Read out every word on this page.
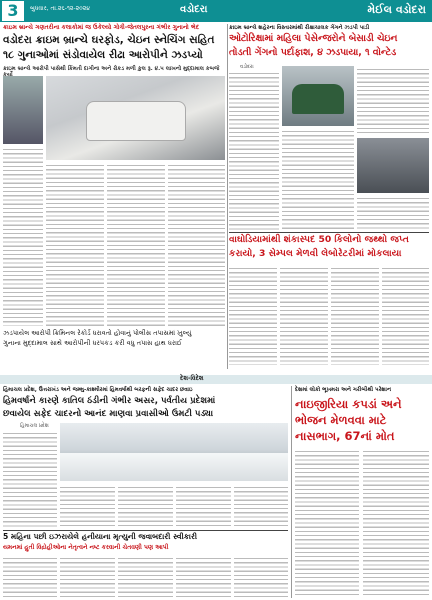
3	બુધવાર, તા.૨૬-૧૨-૨૦૨૪	વડોદરા	મેઈલ વડોદરા
ક્રાઇમ બ્રાન્ચે ગણતરીના કલાકોમાં જ ઉકેલ્યો ગોત્રી-જેતલપુરના ગંભીર ગુનાનો ભેદ
વડોદરા ક્રાઇમ બ્રાન્ચે ઘરફોડ, ચેઇન સ્નેચિંગ સહિત
૧૮ ગુનાઓમાં સંડોવાયેલ રીઢા આરોપીને ઝડપ્યો
ક્રાઇમ બ્રાન્ચે આરોપી પાસેથી કિંમતી દાગીના અને રોકડ મળી કુલ રૂ. ૪.૫ લાખનો મુદ્દામાલ કબજે
ક્રાઇમ બ્રાન્ચે શહેરના વિસ્તારમાંથી રીક્ષાચાલક ગેંગને ઝડપી પાડી
ઓટોરિક્ષામાં મહિલા પેસેન્જરોને બેસાડી ચેઇન
તોડતી ગેંગનો પર્દાફાશ, ૪ ઝડપાયા, ૧ વોન્ટેડ
વડોદરા
વાઘોડિયામાંથી શંકાસ્પદ 50 કિલોનો જથ્થો જપ્ત
કરાયો, 3 સેમ્પલ મેળવી લેબોરેટરીમાં મોકલાયા
ઝડપાયેલ આરોપી ક્રિમિનલ રેકોર્ડ ધરાવતો હોવાનું પોલીસ તપાસમાં ખુલ્યું
ગુનાના મુદ્દામાલ સાથે આરોપીની ધરપકડ કરી વધુ તપાસ હાથ ધરાઈ
દેશ-વિદેશ
હિમાચલ પ્રદેશ, ઉત્તરાખંડ અને જમ્મુ-કાશ્મીરમાં હિમવર્ષાથી બરફની સફેદ ચાદર છવાઇ
હિમવર્ષાને કારણે કાતિલ ઠંડીની ગંભીર અસર, પર્વતીય પ્રદેશમાં
છવાયેલ સફેદ ચાદરનો આનંદ માણવા પ્રવાસીઓ ઉમટી પડ્યા
હિમાચલ પ્રદેશ
5 મહિના પછી ઇઝરાયેલે હનીયાના મૃત્યુની જવાબદારી સ્વીકારી
યમનમાં હુતી વિદ્રોહીઓના નેતૃત્વને નષ્ટ કરવાની ચેતવણી પણ આપી
દેશમાં લોકો ભૂખમરા અને ગરીબીથી પરેશાન
નાઇજીરિયા કપડાં અને
ભોજન મેળવવા માટે
નાસભાગ, 67નાં મોત
